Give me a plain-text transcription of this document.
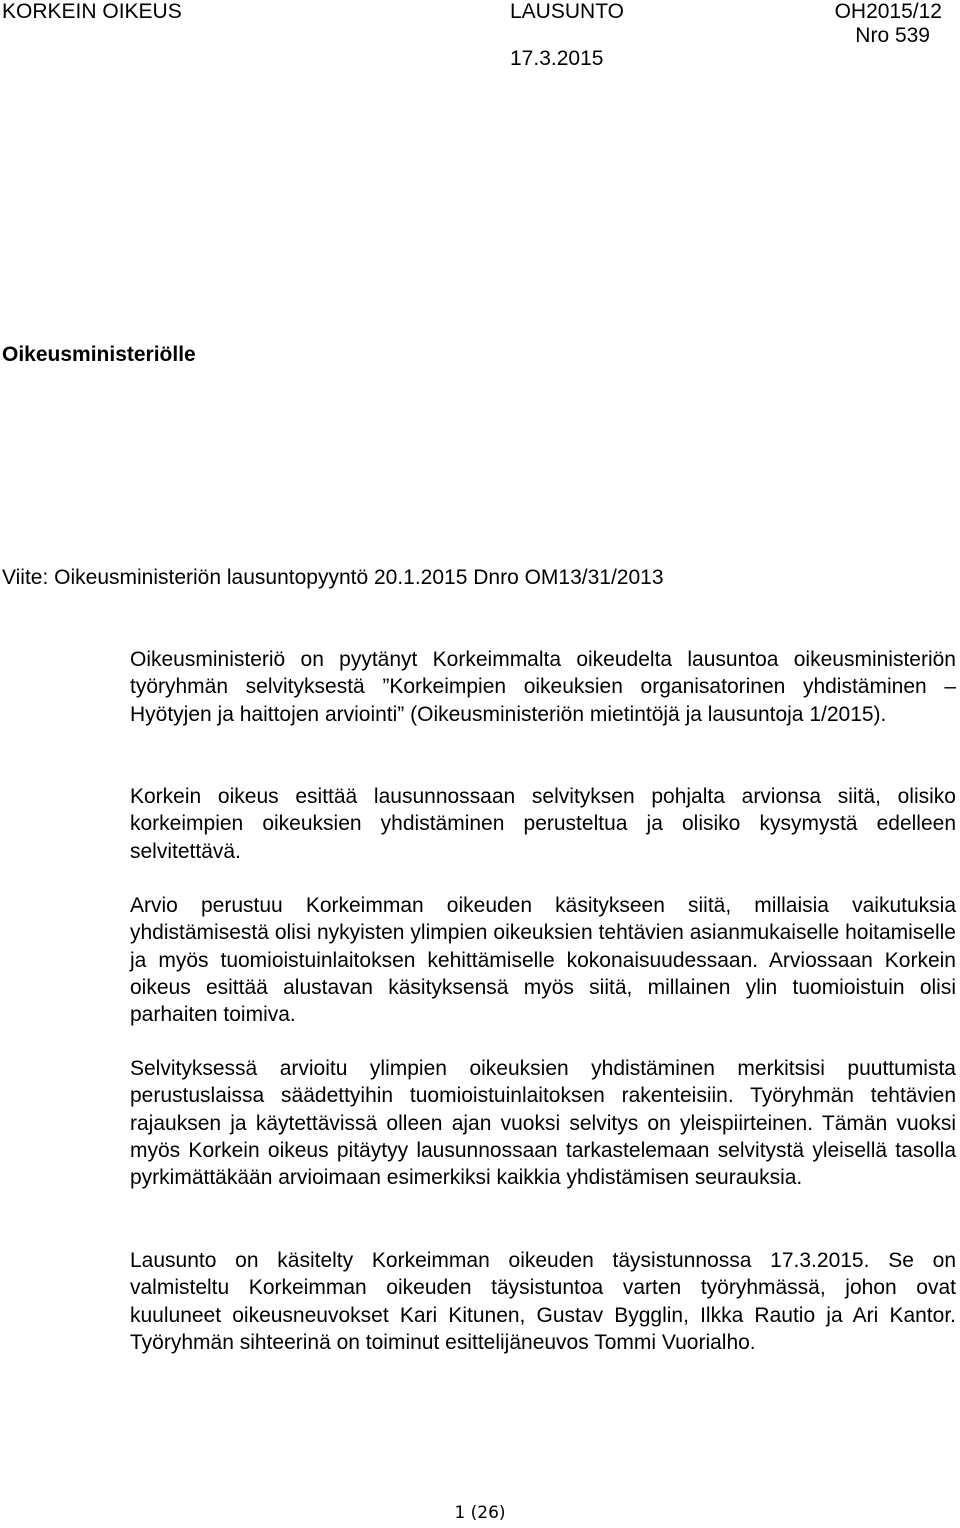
KORKEIN OIKEUS	LAUSUNTO
17.3.2015
OH2015/12
Nro 539
Oikeusministeriölle
Viite: Oikeusministeriön lausuntopyyntö 20.1.2015 Dnro OM13/31/2013

Oikeusministeriö on pyytänyt Korkeimmalta oikeudelta lausuntoa oikeusministeriön työryhmän selvityksestä ”Korkeimpien oikeuksien organisatorinen yhdistäminen – Hyötyjen ja haittojen arviointi” (Oikeusministeriön mietintöjä ja lausuntoja 1/2015).

Korkein oikeus esittää lausunnossaan selvityksen pohjalta arvionsa siitä, olisiko korkeimpien oikeuksien yhdistäminen perusteltua ja olisiko kysymystä edelleen selvitettävä.

Arvio perustuu Korkeimman oikeuden käsitykseen siitä, millaisia vaikutuksia yhdistämisestä olisi nykyisten ylimpien oikeuksien tehtävien asianmukaiselle hoitamiselle ja myös tuomioistuinlaitoksen kehittämiselle kokonaisuudessaan. Arviossaan Korkein oikeus esittää alustavan käsityksensä myös siitä, millainen ylin tuomioistuin olisi parhaiten toimiva.

Selvityksessä arvioitu ylimpien oikeuksien yhdistäminen merkitsisi puuttumista perustuslaissa säädettyihin tuomioistuinlaitoksen rakenteisiin. Työryhmän tehtävien rajauksen ja käytettävissä olleen ajan vuoksi selvitys on yleispiirteinen. Tämän vuoksi myös Korkein oikeus pitäytyy lausunnossaan tarkastelemaan selvitystä yleisellä tasolla pyrkimättäkään arvioimaan esimerkiksi kaikkia yhdistämisen seurauksia.

Lausunto on käsitelty Korkeimman oikeuden täysistunnossa 17.3.2015. Se on valmisteltu Korkeimman oikeuden täysistuntoa varten työryhmässä, johon ovat kuuluneet oikeusneuvokset Kari Kitunen, Gustav Bygglin, Ilkka Rautio ja Ari Kantor. Työryhmän sihteerinä on toiminut esittelijäneuvos Tommi Vuorialho.

1 (26)
